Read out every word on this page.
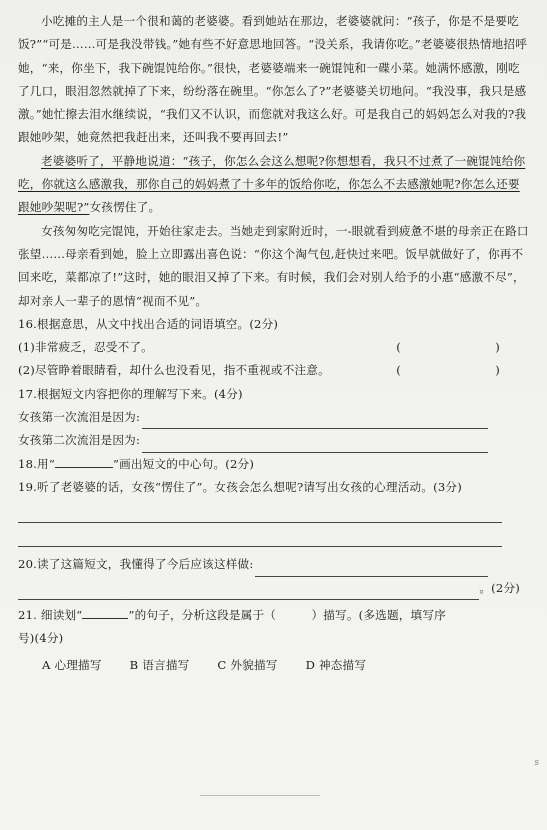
小吃摊的主人是一个很和蔼的老婆婆。看到她站在那边，老婆婆就问：“孩子，你是不是要吃饭?”“可是……可是我没带钱。”她有些不好意思地回答。“没关系，我请你吃。”老婆婆很热情地招呼她，“来，你坐下，我下碗馄饨给你。”很快，老婆婆端来一碗馄饨和一碟小菜。她满怀感激，刚吃了几口，眼泪忽然就掉了下来，纷纷落在碗里。“你怎么了?”老婆婆关切地问。“我没事，我只是感激。”她忙擦去泪水继续说，“我们又不认识，而您就对我这么好。可是我自己的妈妈怎么对我的?我跟她吵架，她竟然把我赶出来，还叫我不要再回去!”

老婆婆听了，平静地说道：“孩子，你怎么会这么想呢?你想想看，我只不过煮了一碗馄饨给你吃，你就这么感激我，那你自己的妈妈煮了十多年的饭给你吃，你怎么不去感激她呢?你怎么还要跟她吵架呢?”女孩愣住了。

女孩匆匆吃完馄饨，开始往家走去。当她走到家附近时，一-眼就看到疲惫不堪的母亲正在路口张望……母亲看到她，脸上立即露出喜色说：“你这个淘气包,赶快过来吧。饭早就做好了，你再不回来吃，菜都凉了!”这时，她的眼泪又掉了下来。有时候，我们会对别人给予的小惠“感激不尽”，却对亲人一辈子的恩情“视而不见”。

16.根据意思，从文中找出合适的词语填空。(2分)

(1)非常疲乏，忍受不了。	(　　　　　　　　)
(2)尽管睁着眼睛看，却什么也没看见，指不重视或不注意。	(　　　　　　　　)

17.根据短文内容把你的理解写下来。(4分)

女孩第一次流泪是因为:
女孩第二次流泪是因为:

18.用“	”画出短文的中心句。(2分)

19.听了老婆婆的话，女孩“愣住了”。女孩会怎么想呢?请写出女孩的心理活动。(3分)

20.读了这篇短文，我懂得了今后应该这样做:
。(2分)

21. 细读划“	”的句子，分析这段是属于（　　　）描写。(多选题，填写序

号)(4分)

A 心理描写 B 语言描写 C 外貌描写 D 神态描写
ꜱ
